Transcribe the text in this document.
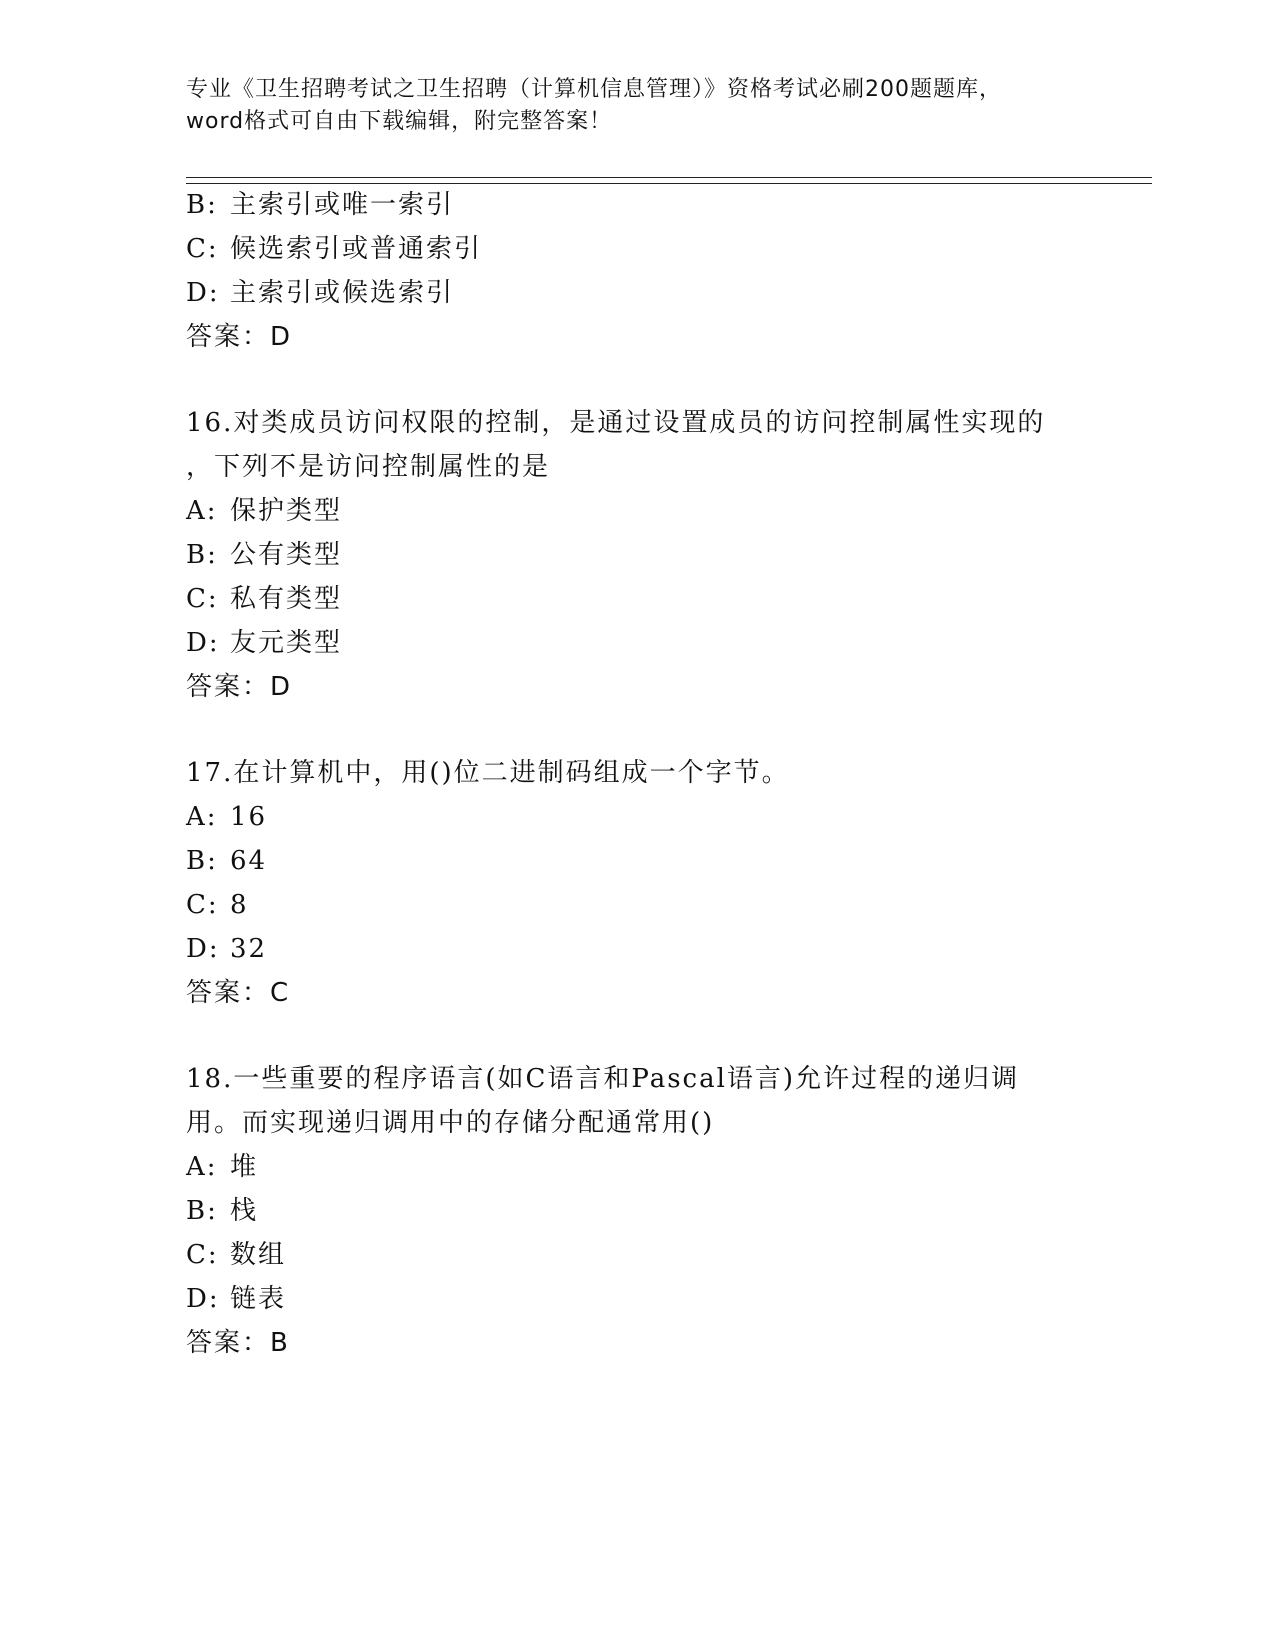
专业《卫生招聘考试之卫生招聘（计算机信息管理）》资格考试必刷200题题库，
word格式可自由下载编辑，附完整答案！
B: 主索引或唯一索引
C: 候选索引或普通索引
D: 主索引或候选索引
答案：D
16.对类成员访问权限的控制，是通过设置成员的访问控制属性实现的
，下列不是访问控制属性的是
A: 保护类型
B: 公有类型
C: 私有类型
D: 友元类型
答案：D
17.在计算机中，用()位二进制码组成一个字节。
A: 16
B: 64
C: 8
D: 32
答案：C
18.一些重要的程序语言(如C语言和Pascal语言)允许过程的递归调
用。而实现递归调用中的存储分配通常用()
A: 堆
B: 栈
C: 数组
D: 链表
答案：B
